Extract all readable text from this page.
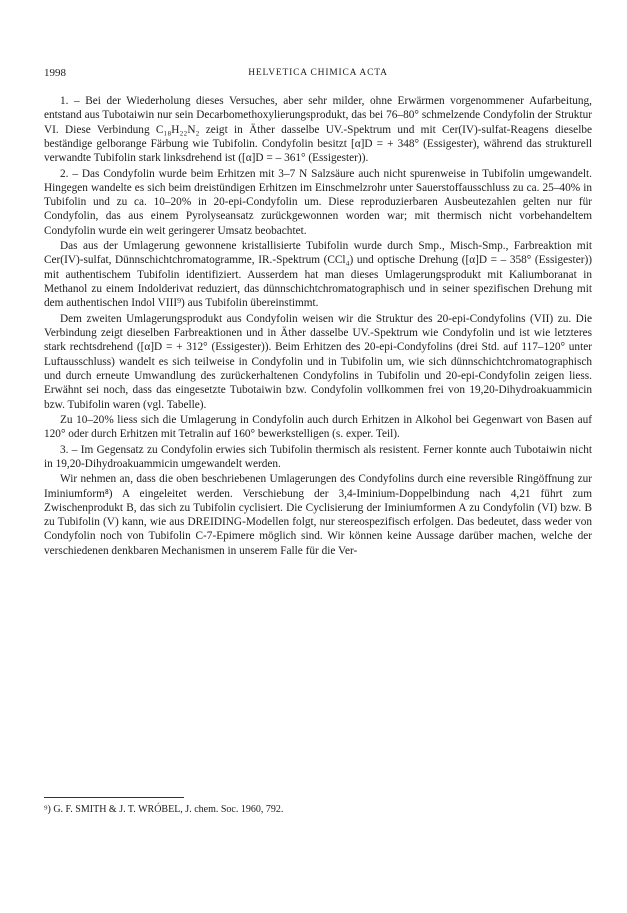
1998	HELVETICA CHIMICA ACTA

1. – Bei der Wiederholung dieses Versuches, aber sehr milder, ohne Erwärmen vorgenommener Aufarbeitung, entstand aus Tubotaiwin nur sein Decarbomethoxylierungsprodukt, das bei 76–80° schmelzende Condyfolin der Struktur VI. Diese Verbindung C₁₈H₂₂N₂ zeigt in Äther dasselbe UV.-Spektrum und mit Cer(IV)-sulfat-Reagens dieselbe beständige gelborange Färbung wie Tubifolin. Condyfolin besitzt [α]D = + 348° (Essigester), während das strukturell verwandte Tubifolin stark linksdrehend ist ([α]D = – 361° (Essigester)).

2. – Das Condyfolin wurde beim Erhitzen mit 3–7 N Salzsäure auch nicht spurenweise in Tubifolin umgewandelt. Hingegen wandelte es sich beim dreistündigen Erhitzen im Einschmelzrohr unter Sauerstoffausschluss zu ca. 25–40% in Tubifolin und zu ca. 10–20% in 20-epi-Condyfolin um. Diese reproduzierbaren Ausbeutezahlen gelten nur für Condyfolin, das aus einem Pyrolyseansatz zurückgewonnen worden war; mit thermisch nicht vorbehandeltem Condyfolin wurde ein weit geringerer Umsatz beobachtet.

Das aus der Umlagerung gewonnene kristallisierte Tubifolin wurde durch Smp., Misch-Smp., Farbreaktion mit Cer(IV)-sulfat, Dünnschichtchromatogramme, IR.-Spektrum (CCl₄) und optische Drehung ([α]D = – 358° (Essigester)) mit authentischem Tubifolin identifiziert. Ausserdem hat man dieses Umlagerungsprodukt mit Kaliumboranat in Methanol zu einem Indolderivat reduziert, das dünnschichtchromatographisch und in seiner spezifischen Drehung mit dem authentischen Indol VIII⁹) aus Tubifolin übereinstimmt.

Dem zweiten Umlagerungsprodukt aus Condyfolin weisen wir die Struktur des 20-epi-Condyfolins (VII) zu. Die Verbindung zeigt dieselben Farbreaktionen und in Äther dasselbe UV.-Spektrum wie Condyfolin und ist wie letzteres stark rechtsdrehend ([α]D = + 312° (Essigester)). Beim Erhitzen des 20-epi-Condyfolins (drei Std. auf 117–120° unter Luftausschluss) wandelt es sich teilweise in Condyfolin und in Tubifolin um, wie sich dünnschichtchromatographisch und durch erneute Umwandlung des zurückerhaltenen Condyfolins in Tubifolin und 20-epi-Condyfolin zeigen liess. Erwähnt sei noch, dass das eingesetzte Tubotaiwin bzw. Condyfolin vollkommen frei von 19,20-Dihydroakuammicin bzw. Tubifolin waren (vgl. Tabelle).

Zu 10–20% liess sich die Umlagerung in Condyfolin auch durch Erhitzen in Alkohol bei Gegenwart von Basen auf 120° oder durch Erhitzen mit Tetralin auf 160° bewerkstelligen (s. exper. Teil).

3. – Im Gegensatz zu Condyfolin erwies sich Tubifolin thermisch als resistent. Ferner konnte auch Tubotaiwin nicht in 19,20-Dihydroakuammicin umgewandelt werden.

Wir nehmen an, dass die oben beschriebenen Umlagerungen des Condyfolins durch eine reversible Ringöffnung zur Iminiumform⁸) A eingeleitet werden. Verschiebung der 3,4-Iminium-Doppelbindung nach 4,21 führt zum Zwischenprodukt B, das sich zu Tubifolin cyclisiert. Die Cyclisierung der Iminiumformen A zu Condyfolin (VI) bzw. B zu Tubifolin (V) kann, wie aus DREIDING-Modellen folgt, nur stereospezifisch erfolgen. Das bedeutet, dass weder von Condyfolin noch von Tubifolin C-7-Epimere möglich sind. Wir können keine Aussage darüber machen, welche der verschiedenen denkbaren Mechanismen in unserem Falle für die Ver-

⁹) G. F. SMITH & J. T. WRÓBEL, J. chem. Soc. 1960, 792.
